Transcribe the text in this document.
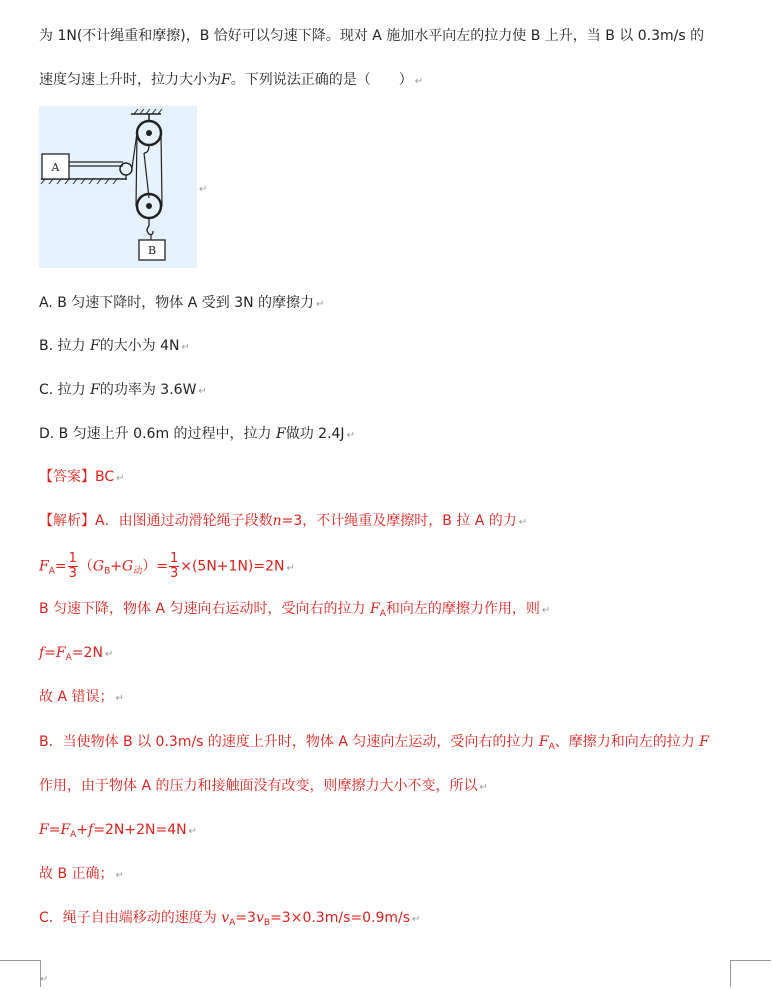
为 1N(不计绳重和摩擦)，B 恰好可以匀速下降。现对 A 施加水平向左的拉力使 B 上升，当 B 以 0.3m/s 的
速度匀速上升时，拉力大小为F。下列说法正确的是（　　） ↵
A
B
↵
A. B 匀速下降时，物体 A 受到 3N 的摩擦力 ↵
B. 拉力 F的大小为 4N ↵
C. 拉力 F的功率为 3.6W ↵
D. B 匀速上升 0.6m 的过程中，拉力 F做功 2.4J ↵
【答案】BC ↵
【解析】A．由图通过动滑轮绳子段数n=3，不计绳重及摩擦时，B 拉 A 的力 ↵
$F_A= \frac{1}{3} (G_B+G_动)= \frac{1}{3} \times(5N+1N)=2N$ ↵
B 匀速下降，物体 A 匀速向右运动时，受向右的拉力 $F_A$和向左的摩擦力作用，则 ↵
$f=F_A=2N$ ↵
故 A 错误； ↵
B．当使物体 B 以 0.3m/s 的速度上升时，物体 A 匀速向左运动，受向右的拉力 $F_A$、摩擦力和向左的拉力 F
作用，由于物体 A 的压力和接触面没有改变，则摩擦力大小不变，所以 ↵
$F=F_A+f=2N+2N=4N$ ↵
故 B 正确； ↵
C．绳子自由端移动的速度为 $v_A=3v_B=3\times 0.3m/s=0.9m/s$ ↵
↵
